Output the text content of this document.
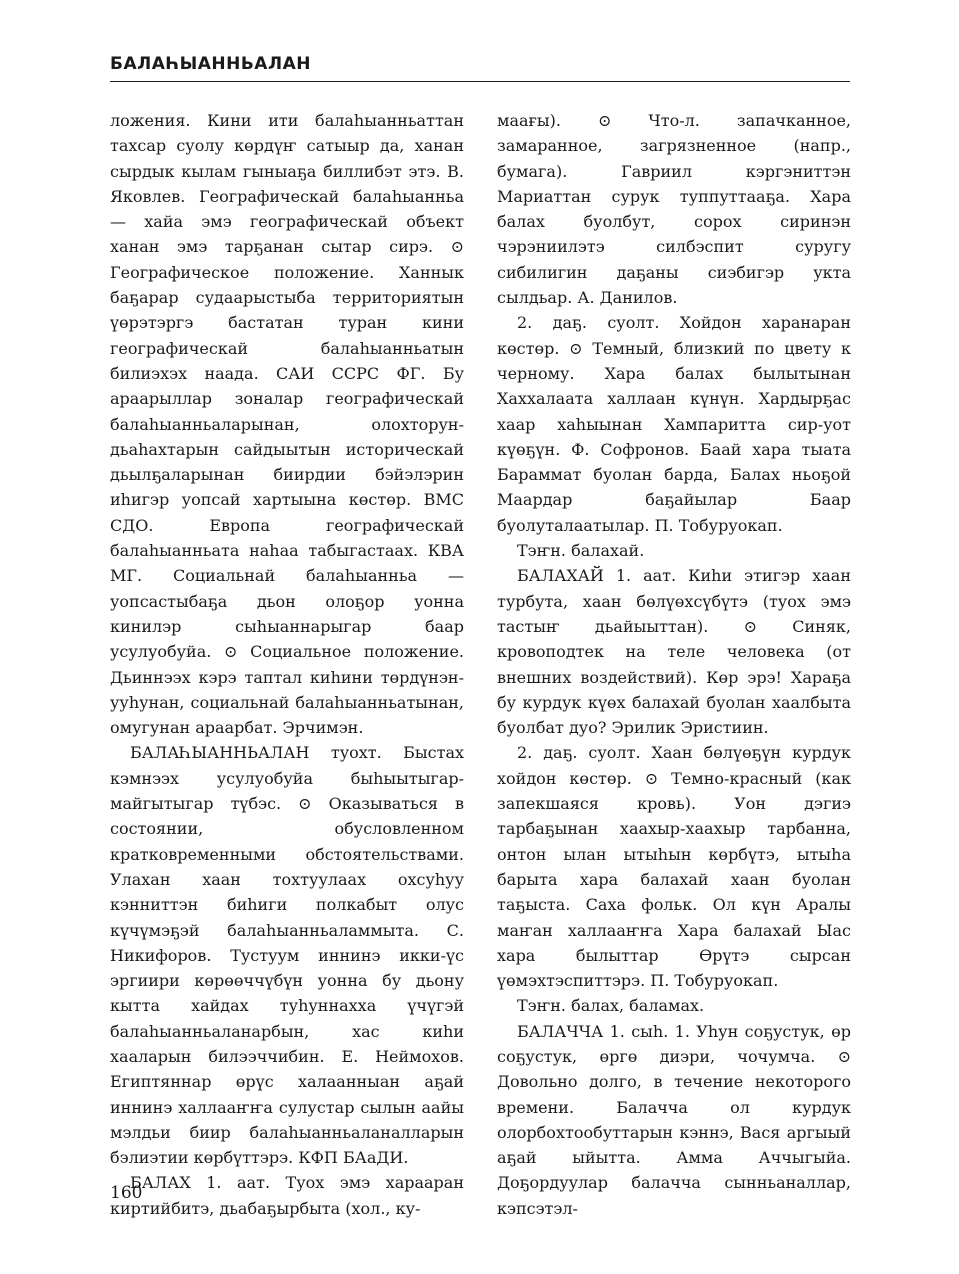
БАЛАҺЫАННЬАЛАН

ложения. Кини ити балаһыанньаттан тахсар суолу көрдүҥ сатыыр да, ханан сырдык кылам гыныаҕа биллибэт этэ. В. Яковлев. Географическай балаһыанньа — хайа эмэ географическай объект ханан эмэ тарҕанан сытар сирэ. ⊙ Географическое положение. Ханнык баҕарар судаарыстыба территориятын үөрэтэргэ бастатан туран кини географическай балаһыанньатын билиэхэх наада. САИ ССРС ФГ. Бу араарыллар зоналар географическай балаһыанньаларынан, олохторун-дьаһахтарын сайдыытын историческай дьылҕаларынан биирдии бэйэлэрин иһигэр уопсай хартыына көстөр. ВМС СДО. Европа географическай балаһыанньата наһаа табыгастаах. КВА МГ. Социальнай балаһыанньа — уопсастыбаҕа дьон олоҕор уонна кинилэр сыһыаннарыгар баар усулуобуйа. ⊙ Социальное положение. Дьиннээх кэрэ таптал киһини төрдүнэн-ууһунан, социальнай балаһыанньатынан, омугунан араарбат. Эрчимэн.

БАЛАҺЫАННЬАЛАН туохт. Быстах кэмнээх усулуобуйа быһыытыгар-майгытыгар түбэс. ⊙ Оказываться в состоянии, обусловленном кратковременными обстоятельствами. Улахан хаан тохтуулаах охсуһуу кэнниттэн биһиги полкабыт олус күчүмэҕэй балаһыанньаламмыта. С. Никифоров. Тустуум иннинэ икки-үс эргиири көрөөччүбүн уонна бу дьону кытта хайдах туһуннахха үчүгэй балаһыанньаланарбын, хас киһи хааларын билээччибин. Е. Неймохов. Египтяннар өрүс халаанныан аҕай иннинэ халлааҥҥа сулустар сылын аайы мэлдьи биир балаһыанньаланалларын бэлиэтии көрбүттэрэ. КФП БАаДИ.

БАЛАХ 1. аат. Туох эмэ харааран киртийбитэ, дьабаҕырбыта (хол., ку-

маағы). ⊙ Что-л. запачканное, замаранное, загрязненное (напр., бумага). Гавриил кэргэниттэн Мариаттан сурук туппуттааҕа. Хара балах буолбут, сорох сиринэн чэрэниилэтэ силбэспит суругу сибилигин даҕаны сиэбигэр укта сылдьар. А. Данилов.

2. даҕ. суолт. Хойдон харанаран көстөр. ⊙ Темный, близкий по цвету к черному. Хара балах былытынан Хаххалаата халлаан күнүн. Хардырҕас хаар хаһыынан Хампаритта сир-уот күөҕүн. Ф. Софронов. Баай хара тыата Бараммат буолан барда, Балах ньоҕой Маардар баҕайылар Баар буолуталаатылар. П. Тобуруокап.

Тэҥн. балахай.

БАЛАХАЙ 1. аат. Киһи этигэр хаан турбута, хаан бөлүөхсүбүтэ (туох эмэ тастыҥ дьайыыттан). ⊙ Синяк, кровоподтек на теле человека (от внешних воздействий). Көр эрэ! Хараҕа бу курдук күөх балахай буолан хаалбыта буолбат дуо? Эрилик Эристиин.

2. даҕ. суолт. Хаан бөлүөҕүн курдук хойдон көстөр. ⊙ Темно-красный (как запекшаяся кровь). Уон дэгиэ тарбаҕынан хаахыр-хаахыр тарбанна, онтон ылан ытыһын көрбүтэ, ытыһа барыта хара балахай хаан буолан таҕыста. Саха фольк. Ол күн Аралы маҥан халлааҥҥа Хара балахай Ыас хара былыттар Өрүтэ сырсан үөмэхтэспиттэрэ. П. Тобуруокап.

Тэҥн. балах, баламах.

БАЛАЧЧА 1. сыһ. 1. Уһун соҕустук, өр соҕустук, өргө диэри, чочумча. ⊙ Довольно долго, в течение некоторого времени. Балачча ол курдук олорбохтообуттарын кэннэ, Вася аргыый аҕай ыйытта. Амма Аччыгыйа. Доҕордуулар балачча сынньаналлар, кэпсэтэл-

160
